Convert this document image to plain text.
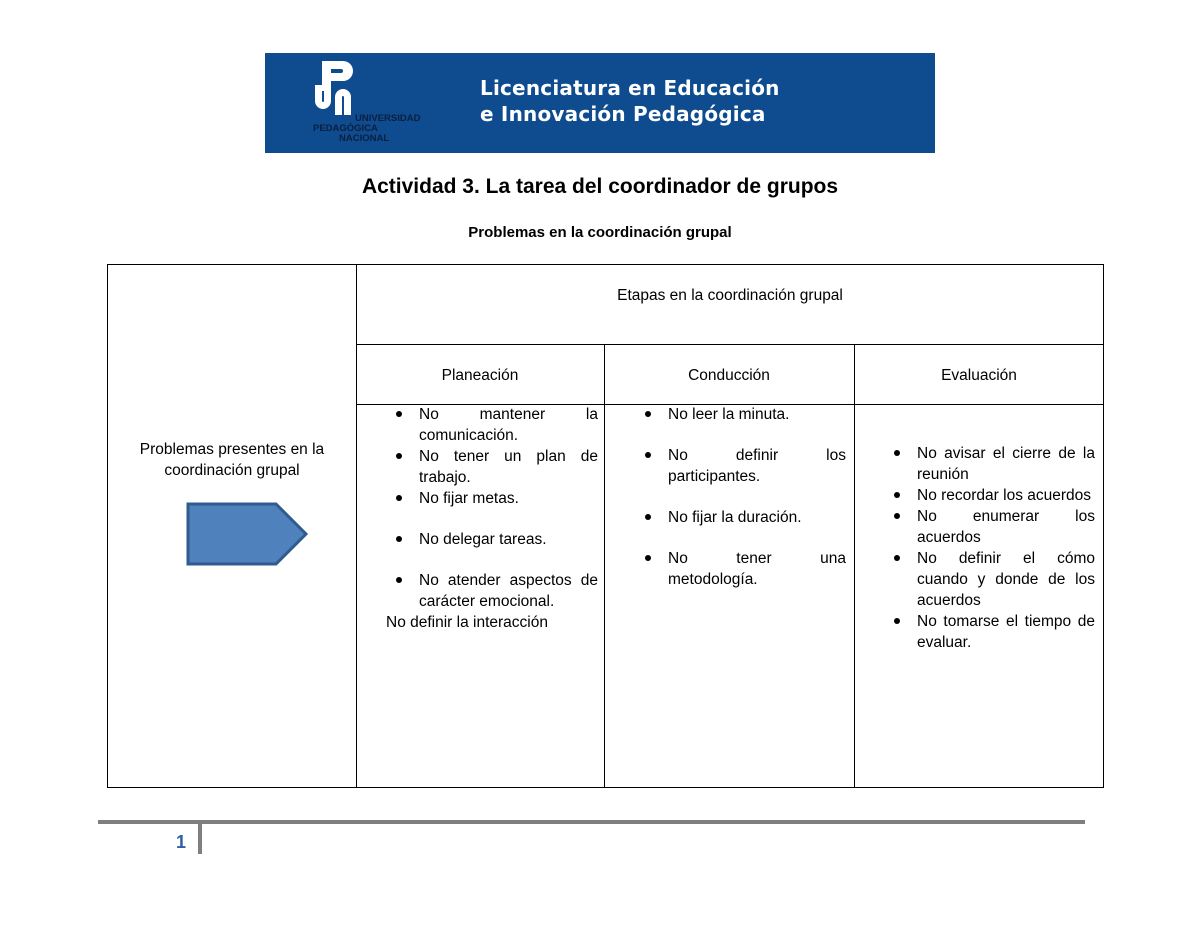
UNIVERSIDAD
PEDAGÓGICA
NACIONAL
Licenciatura en Educación
e Innovación Pedagógica
Actividad 3. La tarea del coordinador de grupos
Problemas en la coordinación grupal
Problemas presentes en la coordinación grupal
Etapas en la coordinación grupal
Planeación	Conducción	Evaluación
No mantener la comunicación.
No tener un plan de trabajo.
No fijar metas.
No delegar tareas.
No atender aspectos de carácter emocional.
No definir la interacción
No leer la minuta.
No definir los participantes.
No fijar la duración.
No tener una metodología.
No avisar el cierre de la reunión
No recordar los acuerdos
No enumerar los acuerdos
No definir el cómo cuando y donde de los acuerdos
No tomarse el tiempo de evaluar.
1
